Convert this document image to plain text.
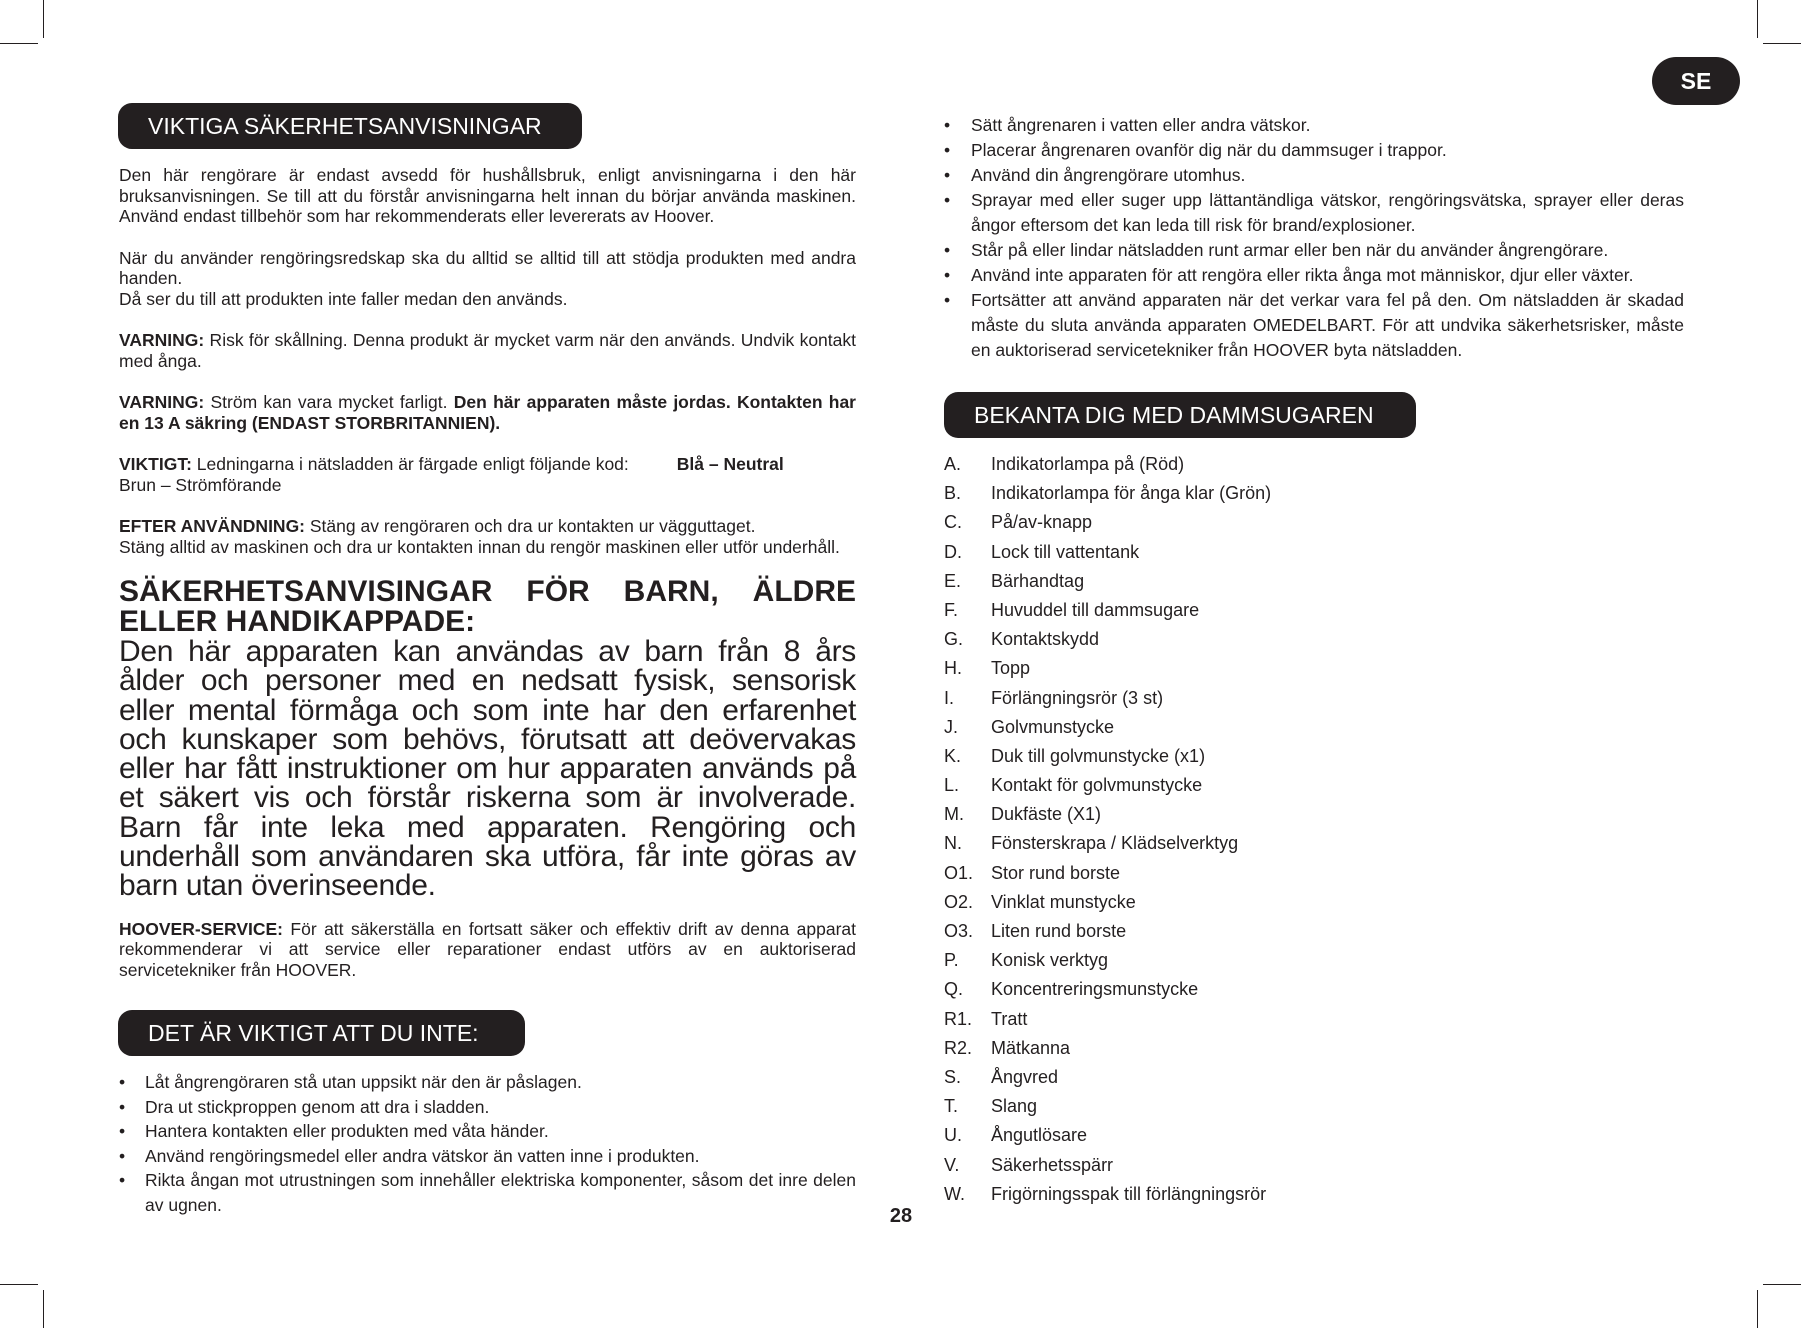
SE
VIKTIGA SÄKERHETSANVISNINGAR

Den här rengörare är endast avsedd för hushållsbruk, enligt anvisningarna i den här bruksanvisningen. Se till att du förstår anvisningarna helt innan du börjar använda maskinen. Använd endast tillbehör som har rekommenderats eller levererats av Hoover.

När du använder rengöringsredskap ska du alltid se alltid till att stödja produkten med andra handen.
Då ser du till att produkten inte faller medan den används.

VARNING: Risk för skållning. Denna produkt är mycket varm när den används. Undvik kontakt med ånga.

VARNING: Ström kan vara mycket farligt. Den här apparaten måste jordas. Kontakten har en 13 A säkring (ENDAST STORBRITANNIEN).

VIKTIGT: Ledningarna i nätsladden är färgade enligt följande kod:	Blå – Neutral
Brun – Strömförande

EFTER ANVÄNDNING: Stäng av rengöraren och dra ur kontakten ur vägguttaget.
Stäng alltid av maskinen och dra ur kontakten innan du rengör maskinen eller utför underhåll.

SÄKERHETSANVISINGAR FÖR BARN, ÄLDRE ELLER HANDIKAPPADE:

Den här apparaten kan användas av barn från 8 års ålder och personer med en nedsatt fysisk, sensorisk eller mental förmåga och som inte har den erfarenhet och kunskaper som behövs, förutsatt att deövervakas eller har fått instruktioner om hur apparaten används på et säkert vis och förstår riskerna som är involverade. Barn får inte leka med apparaten. Rengöring och underhåll som användaren ska utföra, får inte göras av barn utan överinseende.

HOOVER-SERVICE: För att säkerställa en fortsatt säker och effektiv drift av denna apparat rekommenderar vi att service eller reparationer endast utförs av en auktoriserad servicetekniker från HOOVER.

DET ÄR VIKTIGT ATT DU INTE:
• Låt ångrengöraren stå utan uppsikt när den är påslagen.
• Dra ut stickproppen genom att dra i sladden.
• Hantera kontakten eller produkten med våta händer.
• Använd rengöringsmedel eller andra vätskor än vatten inne i produkten.
• Rikta ångan mot utrustningen som innehåller elektriska komponenter, såsom det inre delen av ugnen.
• Sätt ångrenaren i vatten eller andra vätskor.
• Placerar ångrenaren ovanför dig när du dammsuger i trappor.
• Använd din ångrengörare utomhus.
• Sprayar med eller suger upp lättantändliga vätskor, rengöringsvätska, sprayer eller deras ångor eftersom det kan leda till risk för brand/explosioner.
• Står på eller lindar nätsladden runt armar eller ben när du använder ångrengörare.
• Använd inte apparaten för att rengöra eller rikta ånga mot människor, djur eller växter.
• Fortsätter att använd apparaten när det verkar vara fel på den. Om nätsladden är skadad måste du sluta använda apparaten OMEDELBART. För att undvika säkerhetsrisker, måste en auktoriserad servicetekniker från HOOVER byta nätsladden.
BEKANTA DIG MED DAMMSUGAREN
A.	Indikatorlampa på (Röd)
B.	Indikatorlampa för ånga klar (Grön)
C.	På/av-knapp
D.	Lock till vattentank
E.	Bärhandtag
F.	Huvuddel till dammsugare
G.	Kontaktskydd
H.	Topp
I.	Förlängningsrör (3 st)
J.	Golvmunstycke
K.	Duk till golvmunstycke (x1)
L.	Kontakt för golvmunstycke
M.	Dukfäste (X1)
N.	Fönsterskrapa / Klädselverktyg
O1. Stor rund borste
O2. Vinklat munstycke
O3. Liten rund borste
P.	Konisk verktyg
Q.	Koncentreringsmunstycke
R1.	Tratt
R2.	Mätkanna
S.	Ångvred
T.	Slang
U.	Ångutlösare
V.	Säkerhetsspärr
W.	Frigörningsspak till förlängningsrör
28
